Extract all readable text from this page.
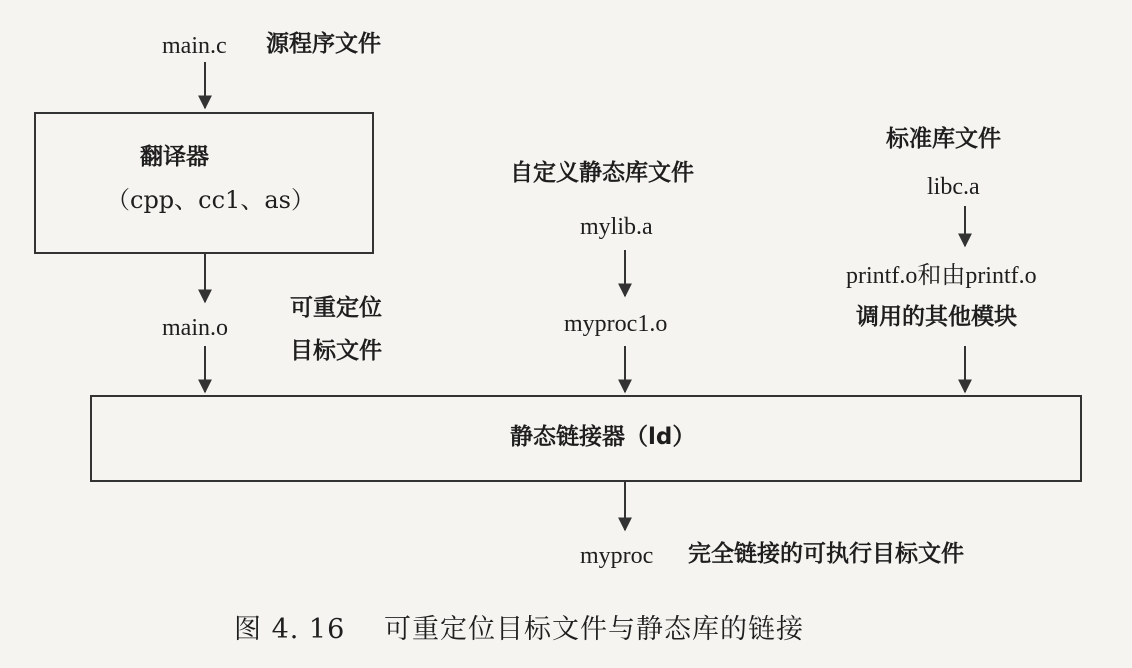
main.c 源程序文件
翻译器
（cpp、cc1、as）
main.o
可重定位
目标文件
自定义静态库文件
mylib.a
myproc1.o
标准库文件
libc.a
printf.o和由printf.o
调用的其他模块
静态链接器（ld）
myproc 完全链接的可执行目标文件
图 4. 16 可重定位目标文件与静态库的链接
